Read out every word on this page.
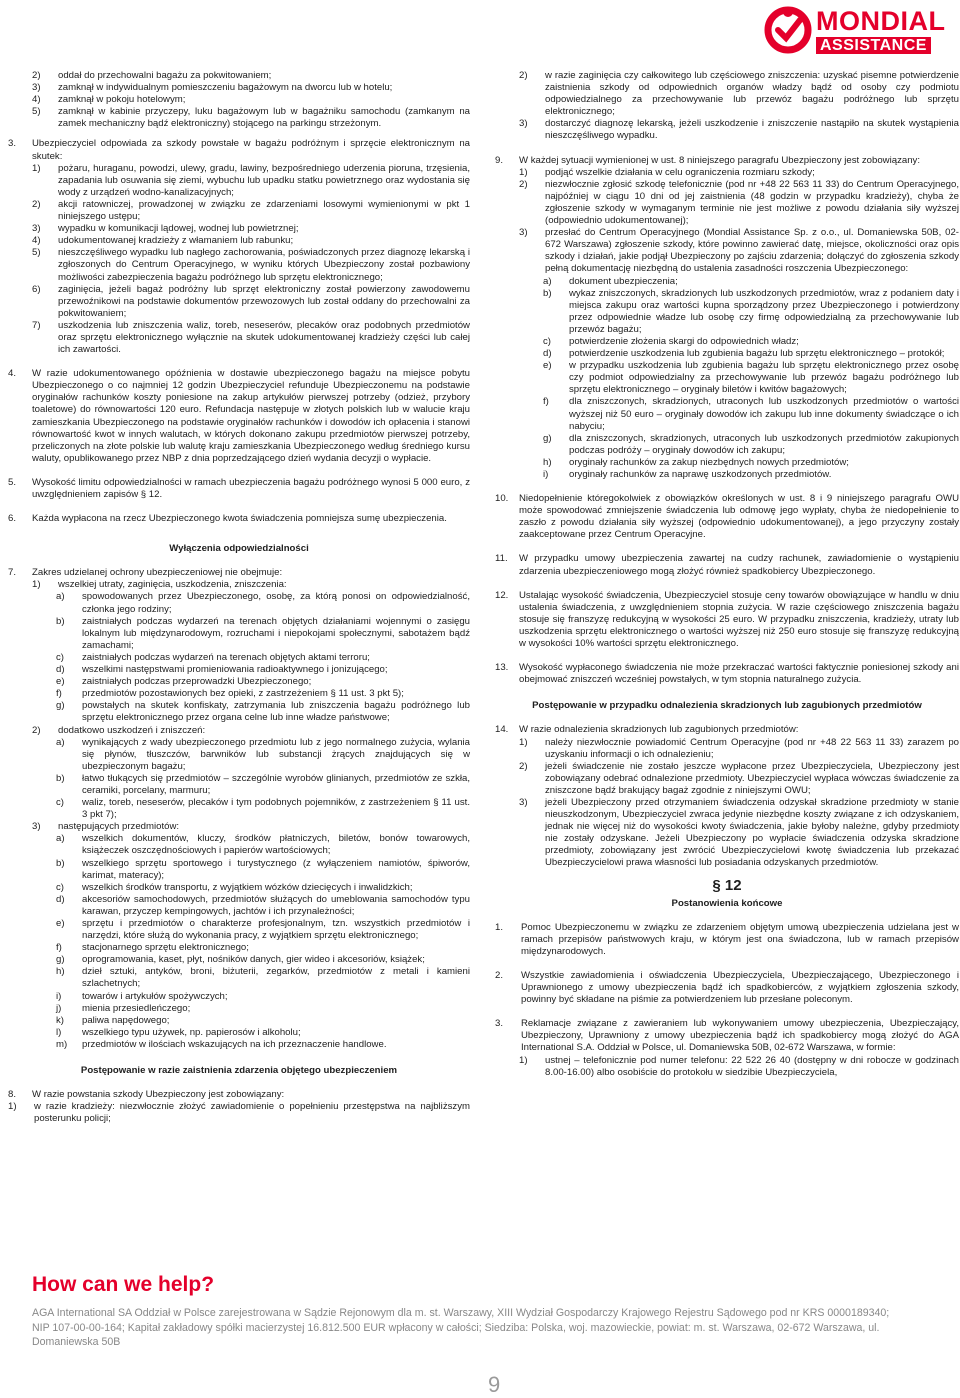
MONDIAL
ASSISTANCE
2)	oddał do przechowalni bagażu za pokwitowaniem;
3)	zamknął w indywidualnym pomieszczeniu bagażowym na dworcu lub w hotelu;
4)	zamknął w pokoju hotelowym;
5)	zamknął w kabinie przyczepy, luku bagażowym lub w bagażniku samochodu (zamkanym na zamek mechaniczny bądź elektroniczny) stojącego na parkingu strzeżonym.
3.	Ubezpieczyciel odpowiada za szkody powstałe w bagażu podróżnym i sprzęcie elektronicznym na skutek:
1)	pożaru, huraganu, powodzi, ulewy, gradu, lawiny, bezpośredniego uderzenia pioruna, trzęsienia, zapadania lub osuwania się ziemi, wybuchu lub upadku statku powietrznego oraz wydostania się wody z urządzeń wodno-kanalizacyjnych;
2)	akcji ratowniczej, prowadzonej w związku ze zdarzeniami losowymi wymienionymi w pkt 1 niniejszego ustępu;
3)	wypadku w komunikacji lądowej, wodnej lub powietrznej;
4)	udokumentowanej kradzieży z włamaniem lub rabunku;
5)	nieszczęśliwego wypadku lub nagłego zachorowania, poświadczonych przez diagnozę lekarską i zgłoszonych do Centrum Operacyjnego, w wyniku których Ubezpieczony został pozbawiony możliwości zabezpieczenia bagażu podróżnego lub sprzętu elektronicznego;
6)	zaginięcia, jeżeli bagaż podróżny lub sprzęt elektroniczny został powierzony zawodowemu przewoźnikowi na podstawie dokumentów przewozowych lub został oddany do przechowalni za pokwitowaniem;
7)	uszkodzenia lub zniszczenia waliz, toreb, neseserów, plecaków oraz podobnych przedmiotów oraz sprzętu elektronicznego wyłącznie na skutek udokumentowanej kradzieży części lub całej ich zawartości.
4.	W razie udokumentowanego opóźnienia w dostawie ubezpieczonego bagażu na miejsce pobytu Ubezpieczonego o co najmniej 12 godzin Ubezpieczyciel refunduje Ubezpieczonemu na podstawie oryginałów rachunków koszty poniesione na zakup artykułów pierwszej potrzeby (odzież, przybory toaletowe) do równowartości 120 euro. Refundacja następuje w złotych polskich lub w walucie kraju zamieszkania Ubezpieczonego na podstawie oryginałów rachunków i dowodów ich opłacenia i stanowi równowartość kwot w innych walutach, w których dokonano zakupu przedmiotów pierwszej potrzeby, przeliczonych na złote polskie lub walutę kraju zamieszkania Ubezpieczonego według średniego kursu waluty, opublikowanego przez NBP z dnia poprzedzającego dzień wydania decyzji o wypłacie.
5.	Wysokość limitu odpowiedzialności w ramach ubezpieczenia bagażu podróżnego wynosi 5 000 euro, z uwzględnieniem zapisów § 12.
6.	Każda wypłacona na rzecz Ubezpieczonego kwota świadczenia pomniejsza sumę ubezpieczenia.
Wyłączenia odpowiedzialności
7.	Zakres udzielanej ochrony ubezpieczeniowej nie obejmuje:
1)	wszelkiej utraty, zaginięcia, uszkodzenia, zniszczenia:
a)	spowodowanych przez Ubezpieczonego, osobę, za którą ponosi on odpowiedzialność, członka jego rodziny;
b)	zaistniałych podczas wydarzeń na terenach objętych działaniami wojennymi o zasięgu lokalnym lub międzynarodowym, rozruchami i niepokojami społecznymi, sabotażem bądź zamachami;
c)	zaistniałych podczas wydarzeń na terenach objętych aktami terroru;
d)	wszelkimi następstwami promieniowania radioaktywnego i jonizującego;
e)	zaistniałych podczas przeprowadzki Ubezpieczonego;
f)	przedmiotów pozostawionych bez opieki, z zastrzeżeniem § 11 ust. 3 pkt 5);
g)	powstałych na skutek konfiskaty, zatrzymania lub zniszczenia bagażu podróżnego lub sprzętu elektronicznego przez organa celne lub inne władze państwowe;
2)	dodatkowo uszkodzeń i zniszczeń:
a)	wynikających z wady ubezpieczonego przedmiotu lub z jego normalnego zużycia, wylania się płynów, tłuszczów, barwników lub substancji żrących znajdujących się w ubezpieczonym bagażu;
b)	łatwo tłukących się przedmiotów – szczególnie wyrobów glinianych, przedmiotów ze szkła, ceramiki, porcelany, marmuru;
c)	waliz, toreb, neseserów, plecaków i tym podobnych pojemników, z zastrzeżeniem § 11 ust. 3 pkt 7);
3)	następujących przedmiotów:
a)	wszelkich dokumentów, kluczy, środków płatniczych, biletów, bonów towarowych, książeczek oszczędnościowych i papierów wartościowych;
b)	wszelkiego sprzętu sportowego i turystycznego (z wyłączeniem namiotów, śpiworów, karimat, materacy);
c)	wszelkich środków transportu, z wyjątkiem wózków dziecięcych i inwalidzkich;
d)	akcesoriów samochodowych, przedmiotów służących do umeblowania samochodów typu karawan, przyczep kempingowych, jachtów i ich przynależności;
e)	sprzętu i przedmiotów o charakterze profesjonalnym, tzn. wszystkich przedmiotów i narzędzi, które służą do wykonania pracy, z wyjątkiem sprzętu elektronicznego;
f)	stacjonarnego sprzętu elektronicznego;
g)	oprogramowania, kaset, płyt, nośników danych, gier wideo i akcesoriów, książek;
h)	dzieł sztuki, antyków, broni, biżuterii, zegarków, przedmiotów z metali i kamieni szlachetnych;
i)	towarów i artykułów spożywczych;
j)	mienia przesiedleńczego;
k)	paliwa napędowego;
l)	wszelkiego typu używek, np. papierosów i alkoholu;
m)	przedmiotów w ilościach wskazujących na ich przeznaczenie handlowe.
Postępowanie w razie zaistnienia zdarzenia objętego ubezpieczeniem
8.	W razie powstania szkody Ubezpieczony jest zobowiązany:
1)	w razie kradzieży: niezwłocznie złożyć zawiadomienie o popełnieniu przestępstwa na najbliższym posterunku policji;
2)	w razie zaginięcia czy całkowitego lub częściowego zniszczenia: uzyskać pisemne potwierdzenie zaistnienia szkody od odpowiednich organów władzy bądź od osoby czy podmiotu odpowiedzialnego za przechowywanie lub przewóz bagażu podróżnego lub sprzętu elektronicznego;
3)	dostarczyć diagnozę lekarską, jeżeli uszkodzenie i zniszczenie nastąpiło na skutek wystąpienia nieszczęśliwego wypadku.
9.	W każdej sytuacji wymienionej w ust. 8 niniejszego paragrafu Ubezpieczony jest zobowiązany:
1)	podjąć wszelkie działania w celu ograniczenia rozmiaru szkody;
2)	niezwłocznie zgłosić szkodę telefonicznie (pod nr +48 22 563 11 33) do Centrum Operacyjnego, najpóźniej w ciągu 10 dni od jej zaistnienia (48 godzin w przypadku kradzieży), chyba że zgłoszenie szkody w wymaganym terminie nie jest możliwe z powodu działania siły wyższej (odpowiednio udokumentowanej);
3)	przesłać do Centrum Operacyjnego (Mondial Assistance Sp. z o.o., ul. Domaniewska 50B, 02-672 Warszawa) zgłoszenie szkody, które powinno zawierać datę, miejsce, okoliczności oraz opis szkody i działań, jakie podjął Ubezpieczony po zajściu zdarzenia; dołączyć do zgłoszenia szkody pełną dokumentację niezbędną do ustalenia zasadności roszczenia Ubezpieczonego:
a)	dokument ubezpieczenia;
b)	wykaz zniszczonych, skradzionych lub uszkodzonych przedmiotów, wraz z podaniem daty i miejsca zakupu oraz wartości kupna sporządzony przez Ubezpieczonego i potwierdzony przez odpowiednie władze lub osobę czy firmę odpowiedzialną za przechowywanie lub przewóz bagażu;
c)	potwierdzenie złożenia skargi do odpowiednich władz;
d)	potwierdzenie uszkodzenia lub zgubienia bagażu lub sprzętu elektronicznego – protokół;
e)	w przypadku uszkodzenia lub zgubienia bagażu lub sprzętu elektronicznego przez osobę czy podmiot odpowiedzialny za przechowywanie lub przewóz bagażu podróżnego lub sprzętu elektronicznego – oryginały biletów i kwitów bagażowych;
f)	dla zniszczonych, skradzionych, utraconych lub uszkodzonych przedmiotów o wartości wyższej niż 50 euro – oryginały dowodów ich zakupu lub inne dokumenty świadczące o ich nabyciu;
g)	dla zniszczonych, skradzionych, utraconych lub uszkodzonych przedmiotów zakupionych podczas podróży – oryginały dowodów ich zakupu;
h)	oryginały rachunków za zakup niezbędnych nowych przedmiotów;
i)	oryginały rachunków za naprawę uszkodzonych przedmiotów.
10.	Niedopełnienie któregokolwiek z obowiązków określonych w ust. 8 i 9 niniejszego paragrafu OWU może spowodować zmniejszenie świadczenia lub odmowę jego wypłaty, chyba że niedopełnienie to zaszło z powodu działania siły wyższej (odpowiednio udokumentowanej), a jego przyczyny zostały zaakceptowane przez Centrum Operacyjne.
11.	W przypadku umowy ubezpieczenia zawartej na cudzy rachunek, zawiadomienie o wystąpieniu zdarzenia ubezpieczeniowego mogą złożyć również spadkobiercy Ubezpieczonego.
12.	Ustalając wysokość świadczenia, Ubezpieczyciel stosuje ceny towarów obowiązujące w handlu w dniu ustalenia świadczenia, z uwzględnieniem stopnia zużycia. W razie częściowego zniszczenia bagażu stosuje się franszyzę redukcyjną w wysokości 25 euro. W przypadku zniszczenia, kradzieży, utraty lub uszkodzenia sprzętu elektronicznego o wartości wyższej niż 250 euro stosuje się franszyzę redukcyjną w wysokości 10% wartości sprzętu elektronicznego.
13.	Wysokość wypłaconego świadczenia nie może przekraczać wartości faktycznie poniesionej szkody ani obejmować zniszczeń wcześniej powstałych, w tym stopnia naturalnego zużycia.
Postępowanie w przypadku odnalezienia skradzionych lub zagubionych przedmiotów
14.	W razie odnalezienia skradzionych lub zagubionych przedmiotów:
1)	należy niezwłocznie powiadomić Centrum Operacyjne (pod nr +48 22 563 11 33) zarazem po uzyskaniu informacji o ich odnalezieniu;
2)	jeżeli świadczenie nie zostało jeszcze wypłacone przez Ubezpieczyciela, Ubezpieczony jest zobowiązany odebrać odnalezione przedmioty. Ubezpieczyciel wypłaca wówczas świadczenie za zniszczone bądź brakujący bagaż zgodnie z niniejszymi OWU;
3)	jeżeli Ubezpieczony przed otrzymaniem świadczenia odzyskał skradzione przedmioty w stanie nieuszkodzonym, Ubezpieczyciel zwraca jedynie niezbędne koszty związane z ich odzyskaniem, jednak nie więcej niż do wysokości kwoty świadczenia, jakie byłoby należne, gdyby przedmioty nie zostały odzyskane. Jeżeli Ubezpieczony po wypłacie świadczenia odzyska skradzione przedmioty, zobowiązany jest zwrócić Ubezpieczycielowi kwotę świadczenia lub przekazać Ubezpieczycielowi prawa własności lub posiadania odzyskanych przedmiotów.
§ 12
Postanowienia końcowe
1.	Pomoc Ubezpieczonemu w związku ze zdarzeniem objętym umową ubezpieczenia udzielana jest w ramach przepisów państwowych kraju, w którym jest ona świadczona, lub w ramach przepisów międzynarodowych.
2.	Wszystkie zawiadomienia i oświadczenia Ubezpieczyciela, Ubezpieczającego, Ubezpieczonego i Uprawnionego z umowy ubezpieczenia bądź ich spadkobierców, z wyjątkiem zgłoszenia szkody, powinny być składane na piśmie za potwierdzeniem lub przesłane poleconym.
3.	Reklamacje związane z zawieraniem lub wykonywaniem umowy ubezpieczenia, Ubezpieczający, Ubezpieczony, Uprawniony z umowy ubezpieczenia bądź ich spadkobiercy mogą złożyć do AGA International S.A. Oddział w Polsce, ul. Domaniewska 50B, 02-672 Warszawa, w formie:
1)	ustnej – telefonicznie pod numer telefonu: 22 522 26 40 (dostępny w dni robocze w godzinach 8.00-16.00) albo osobiście do protokołu w siedzibie Ubezpieczyciela,
How can we help?
AGA International SA Oddział w Polsce zarejestrowana w Sądzie Rejonowym dla m. st. Warszawy, XIII Wydział Gospodarczy Krajowego Rejestru Sądowego pod nr KRS 0000189340;
NIP 107-00-00-164; Kapitał zakładowy spółki macierzystej 16.812.500 EUR wpłacony w całości; Siedziba: Polska, woj. mazowieckie, powiat: m. st. Warszawa, 02-672 Warszawa, ul. Domaniewska 50B
9
